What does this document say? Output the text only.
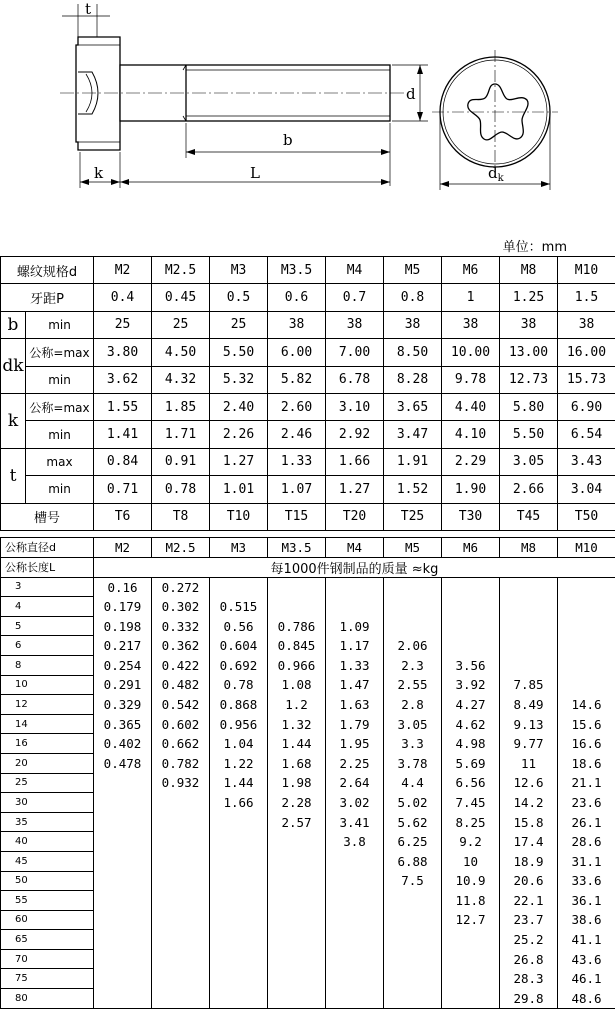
t
d
b
k	L	$d_k$
单位：mm
螺纹规格d		M2	M2.5	M3	M3.5	M4	M5	M6	M8	M10
牙距P		0.4	0.45	0.5	0.6	0.7	0.8	1	1.25	1.5
b	min	25	25	25	38	38	38	38	38	38
dk	公称=max	3.80	4.50	5.50	6.00	7.00	8.50	10.00	13.00	16.00
	min	3.62	4.32	5.32	5.82	6.78	8.28	9.78	12.73	15.73
k	公称=max	1.55	1.85	2.40	2.60	3.10	3.65	4.40	5.80	6.90
	min	1.41	1.71	2.26	2.46	2.92	3.47	4.10	5.50	6.54
t	max	0.84	0.91	1.27	1.33	1.66	1.91	2.29	3.05	3.43
	min	0.71	0.78	1.01	1.07	1.27	1.52	1.90	2.66	3.04
槽号		T6	T8	T10	T15	T20	T25	T30	T45	T50
公称直径d	M2	M2.5	M3	M3.5	M4	M5	M6	M8	M10
公称长度L	每1000件钢制品的质量 ≈kg								
3	0.16	0.272							
4	0.179	0.302	0.515						
5	0.198	0.332	0.56	0.786	1.09				
6	0.217	0.362	0.604	0.845	1.17	2.06			
8	0.254	0.422	0.692	0.966	1.33	2.3	3.56		
10	0.291	0.482	0.78	1.08	1.47	2.55	3.92	7.85	
12	0.329	0.542	0.868	1.2	1.63	2.8	4.27	8.49	14.6
14	0.365	0.602	0.956	1.32	1.79	3.05	4.62	9.13	15.6
16	0.402	0.662	1.04	1.44	1.95	3.3	4.98	9.77	16.6
20	0.478	0.782	1.22	1.68	2.25	3.78	5.69	11	18.6
25		0.932	1.44	1.98	2.64	4.4	6.56	12.6	21.1
30			1.66	2.28	3.02	5.02	7.45	14.2	23.6
35				2.57	3.41	5.62	8.25	15.8	26.1
40					3.8	6.25	9.2	17.4	28.6
45						6.88	10	18.9	31.1
50						7.5	10.9	20.6	33.6
55							11.8	22.1	36.1
60							12.7	23.7	38.6
65								25.2	41.1
70								26.8	43.6
75								28.3	46.1
80								29.8	48.6
